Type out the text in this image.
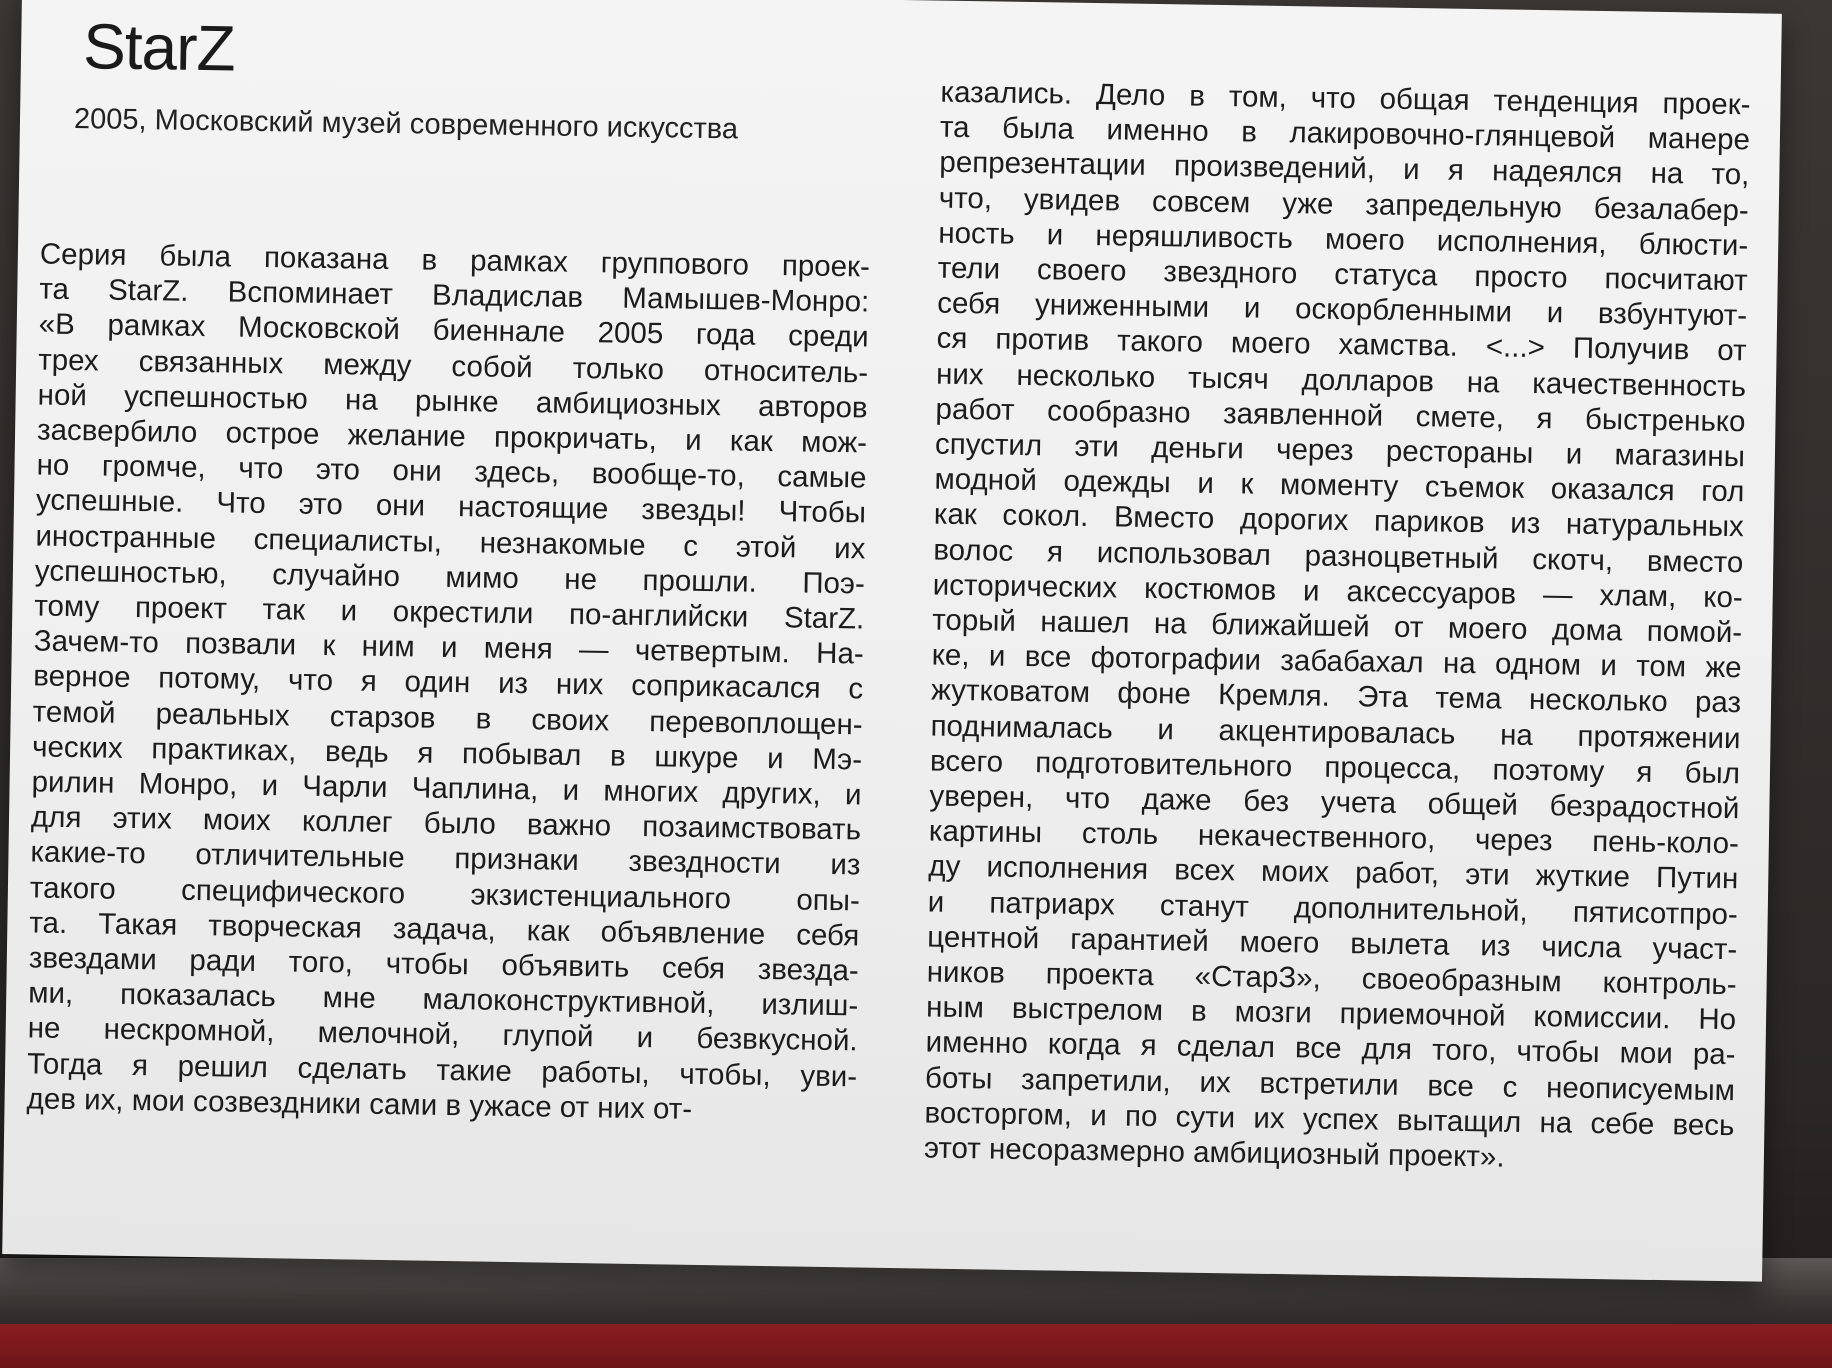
StarZ
2005, Московский музей современного искусства
Серия была показана в рамках группового проек-
та StarZ. Вспоминает Владислав Мамышев-Монро:
«В рамках Московской биеннале 2005 года среди
трех связанных между собой только относитель-
ной успешностью на рынке амбициозных авторов
засвербило острое желание прокричать, и как мож-
но громче, что это они здесь, вообще-то, самые
успешные. Что это они настоящие звезды! Чтобы
иностранные специалисты, незнакомые с этой их
успешностью, случайно мимо не прошли. Поэ-
тому проект так и окрестили по-английски StarZ.
Зачем-то позвали к ним и меня — четвертым. На-
верное потому, что я один из них соприкасался с
темой реальных старзов в своих перевоплощен-
ческих практиках, ведь я побывал в шкуре и Мэ-
рилин Монро, и Чарли Чаплина, и многих других, и
для этих моих коллег было важно позаимствовать
какие-то отличительные признаки звездности из
такого специфического экзистенциального опы-
та. Такая творческая задача, как объявление себя
звездами ради того, чтобы объявить себя звезда-
ми, показалась мне малоконструктивной, излиш-
не нескромной, мелочной, глупой и безвкусной.
Тогда я решил сделать такие работы, чтобы, уви-
дев их, мои созвездники сами в ужасе от них от-
казались. Дело в том, что общая тенденция проек-
та была именно в лакировочно-глянцевой манере
репрезентации произведений, и я надеялся на то,
что, увидев совсем уже запредельную безалабер-
ность и неряшливость моего исполнения, блюсти-
тели своего звездного статуса просто посчитают
себя униженными и оскорбленными и взбунтуют-
ся против такого моего хамства. <...> Получив от
них несколько тысяч долларов на качественность
работ сообразно заявленной смете, я быстренько
спустил эти деньги через рестораны и магазины
модной одежды и к моменту съемок оказался гол
как сокол. Вместо дорогих париков из натуральных
волос я использовал разноцветный скотч, вместо
исторических костюмов и аксессуаров — хлам, ко-
торый нашел на ближайшей от моего дома помой-
ке, и все фотографии забабахал на одном и том же
жутковатом фоне Кремля. Эта тема несколько раз
поднималась и акцентировалась на протяжении
всего подготовительного процесса, поэтому я был
уверен, что даже без учета общей безрадостной
картины столь некачественного, через пень-коло-
ду исполнения всех моих работ, эти жуткие Путин
и патриарх станут дополнительной, пятисотпро-
центной гарантией моего вылета из числа участ-
ников проекта «СтарЗ», своеобразным контроль-
ным выстрелом в мозги приемочной комиссии. Но
именно когда я сделал все для того, чтобы мои ра-
боты запретили, их встретили все с неописуемым
восторгом, и по сути их успех вытащил на себе весь
этот несоразмерно амбициозный проект».
